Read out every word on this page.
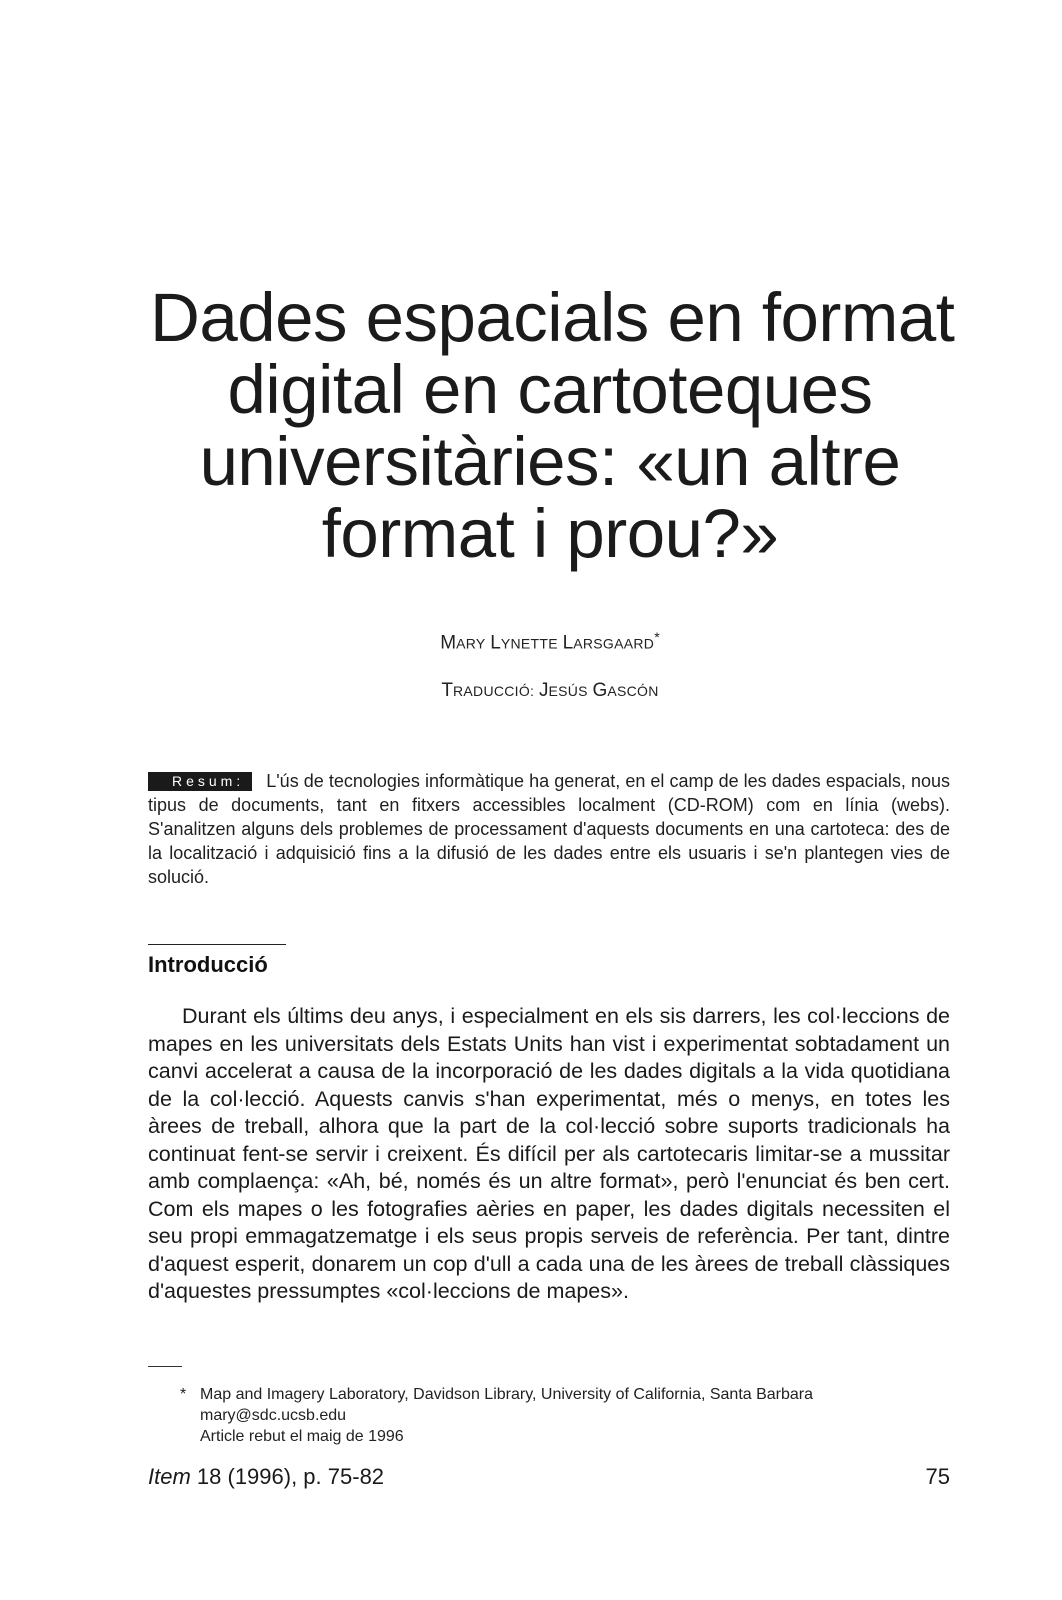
Dades espacials en format
digital en cartoteques
universitàries: «un altre
format i prou?»
MARY LYNETTE LARSGAARD*
TRADUCCIÓ: JESÚS GASCÓN
Resum: L'ús de tecnologies informàtique ha generat, en el camp de les dades espacials, nous tipus de documents, tant en fitxers accessibles localment (CD-ROM) com en línia (webs). S'analitzen alguns dels problemes de processament d'aquests documents en una cartoteca: des de la localització i adquisició fins a la difusió de les dades entre els usuaris i se'n plantegen vies de solució.
Introducció

Durant els últims deu anys, i especialment en els sis darrers, les col·leccions de mapes en les universitats dels Estats Units han vist i experimentat sobtadament un canvi accelerat a causa de la incorporació de les dades digitals a la vida quotidiana de la col·lecció. Aquests canvis s'han experimentat, més o menys, en totes les àrees de treball, alhora que la part de la col·lecció sobre suports tradicionals ha continuat fent-se servir i creixent. És difícil per als cartotecaris limitar-se a mussitar amb complaença: «Ah, bé, només és un altre format», però l'enunciat és ben cert. Com els mapes o les fotografies aèries en paper, les dades digitals necessiten el seu propi emmagatzematge i els seus propis serveis de referència. Per tant, dintre d'aquest esperit, donarem un cop d'ull a cada una de les àrees de treball clàssiques d'aquestes pressumptes «col·leccions de mapes».

* Map and Imagery Laboratory, Davidson Library, University of California, Santa Barbara
mary@sdc.ucsb.edu
Article rebut el maig de 1996
Item 18 (1996), p. 75-82	75
